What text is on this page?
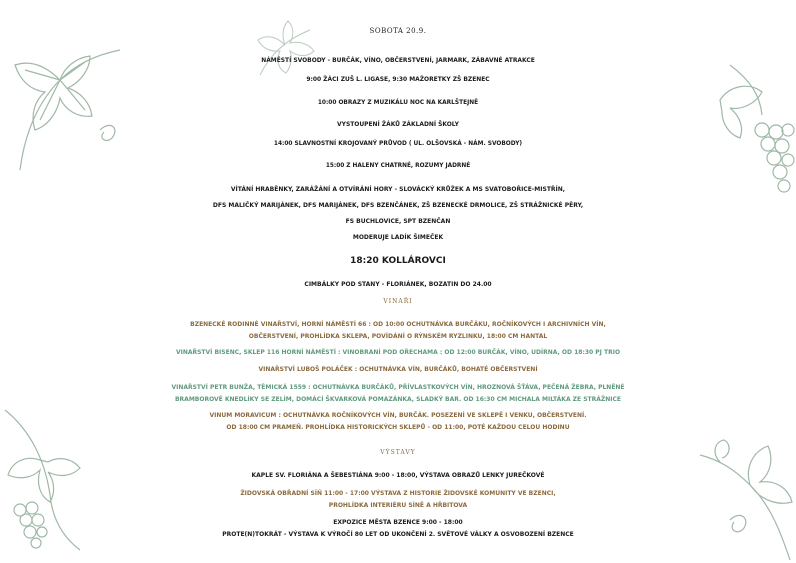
SOBOTA 20.9.
NÁMĚSTÍ SVOBODY - BURČÁK, VÍNO, OBČERSTVENÍ, JARMARK, ZÁBAVNÉ ATRAKCE
9:00 ŽÁCI ZUŠ L. LIGASE, 9:30 MAŽORETKY ZŠ BZENEC
10:00 OBRAZY Z MUZIKÁLU NOC NA KARLŠTEJNĚ
VYSTOUPENÍ ŽÁKŮ ZÁKLADNÍ ŠKOLY
14:00 SLAVNOSTNÍ KROJOVANÝ PRŮVOD ( UL. OLŠOVSKÁ - NÁM. SVOBODY)
15:00 Z HALENY CHATRNÉ, ROZUMY JADRNÉ
VÍTÁNÍ HRABĚNKY, ZARÁŽÁNÍ A OTVÍRÁNÍ HORY - SLOVÁCKÝ KRŮŽEK A MS SVATOBOŘICE-MISTŘÍN,
DFS MALIČKÝ MARIJÁNEK, DFS MARIJÁNEK, DFS BZENČÁNEK, ZŠ BZENECKÉ DRMOLICE, ZŠ STRÁŽNICKÉ PĚRY,
FS BUCHLOVICE, SPT BZENČAN
MODERUJE LADÍK ŠIMEČEK
18:20 KOLLÁROVCI
CIMBÁLKY POD STANY - FLORIÁNEK, BOZATIN DO 24.00
VINAŘI
BZENECKÉ RODINNÉ VINAŘSTVÍ, HORNÍ NÁMĚSTÍ 66 : OD 10:00 OCHUTNÁVKA BURČÁKU, ROČNÍKOVÝCH I ARCHIVNÍCH VÍN,
OBČERSTVENÍ, PROHLÍDKA SKLEPA, POVÍDÁNÍ O RÝNSKÉM RYZLINKU, 18:00 CM HANTAL
VINAŘSTVÍ BISENC, SKLEP 116 HORNÍ NÁMĚSTÍ : VINOBRANÍ POD OŘECHAMA : OD 12:00 BURČÁK, VÍNO, UDÍRNA, OD 18:30 PJ TRIO
VINAŘSTVÍ LUBOŠ POLÁČEK : OCHUTNÁVKA VÍN, BURČÁKŮ, BOHATÉ OBČERSTVENÍ
VINAŘSTVÍ PETR BUNŽA, TĚMICKÁ 1559 : OCHUTNÁVKA BURČÁKŮ, PŘÍVLASTKOVÝCH VÍN, HROZNOVÁ ŠŤÁVA, PEČENÁ ŽEBRA, PLNĚNÉ
BRAMBOROVÉ KNEDLÍKY SE ZELÍM, DOMÁCÍ ŠKVARKOVÁ POMAZÁNKA, SLADKÝ BAR. OD 16:30 CM MICHALA MILTÁKA ZE STRÁŽNICE
VINUM MORAVICUM : OCHUTNÁVKA ROČNÍKOVÝCH VÍN, BURČÁK. POSEZENÍ VE SKLEPĚ I VENKU, OBČERSTVENÍ.
OD 18:00 CM PRAMEŇ. PROHLÍDKA HISTORICKÝCH SKLEPŮ - OD 11:00, POTÉ KAŽDOU CELOU HODINU
VÝSTAVY
KAPLE SV. FLORIÁNA A ŠEBESTIÁNA 9:00 - 18:00, VÝSTAVA OBRAZŮ LENKY JUREČKOVÉ
ŽIDOVSKÁ OBŘADNÍ SÍŇ 11:00 - 17:00 VÝSTAVA Z HISTORIE ŽIDOVSKÉ KOMUNITY VE BZENCI,
PROHLÍDKA INTERIÉRU SÍNĚ A HŘBITOVA
EXPOZICE MĚSTA BZENCE 9:00 - 18:00
PROTE(N)TOKRÁT - VÝSTAVA K VÝROČÍ 80 LET OD UKONČENÍ 2. SVĚTOVÉ VÁLKY A OSVOBOZENÍ BZENCE
